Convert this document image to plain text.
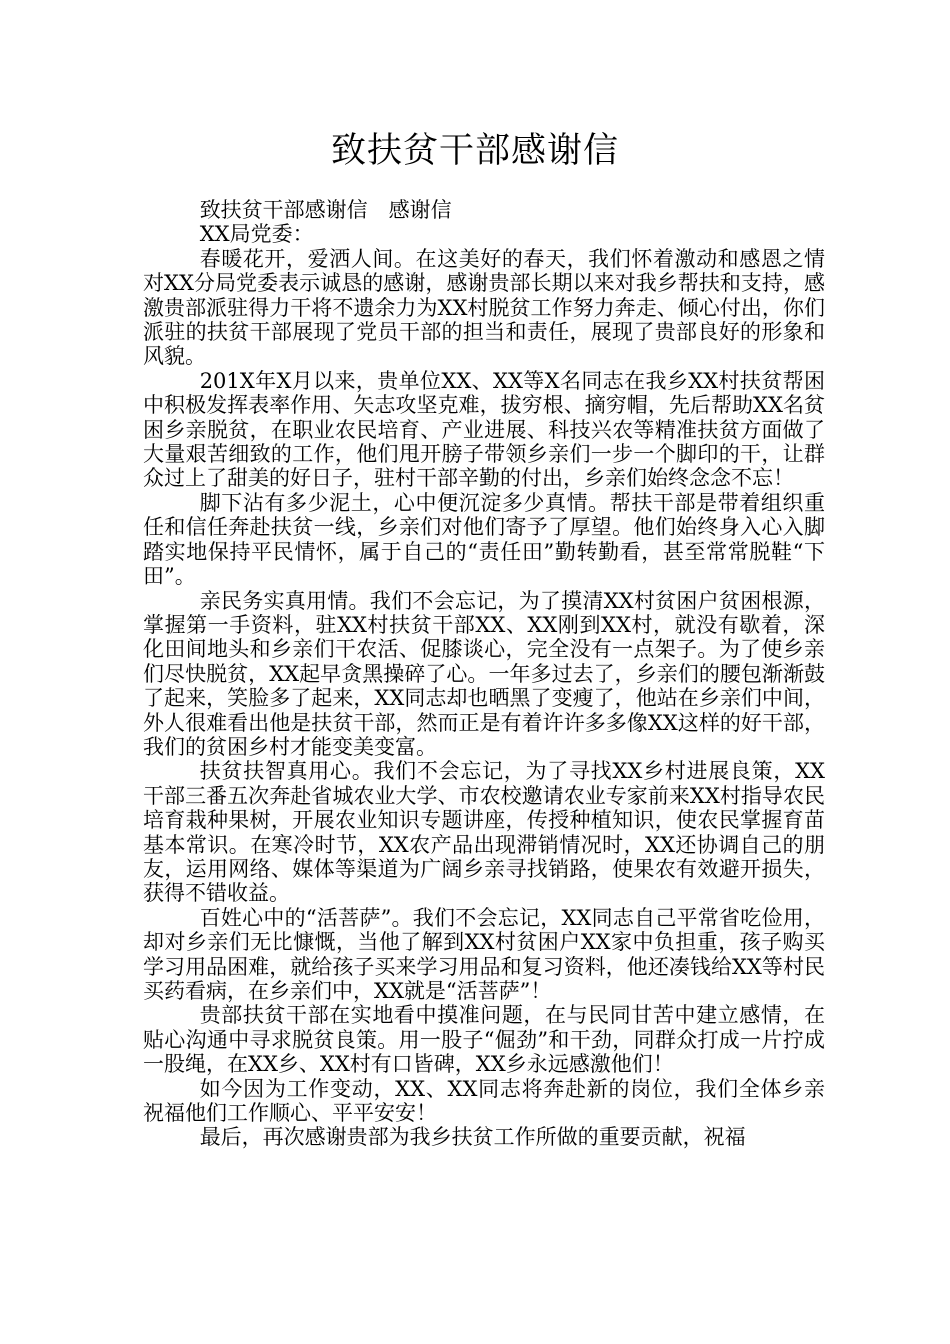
致扶贫干部感谢信

致扶贫干部感谢信　感谢信

XX局党委：

春暖花开，爱洒人间。在这美好的春天，我们怀着激动和感恩之情对XX分局党委表示诚恳的感谢，感谢贵部长期以来对我乡帮扶和支持，感激贵部派驻得力干将不遗余力为XX村脱贫工作努力奔走、倾心付出，你们派驻的扶贫干部展现了党员干部的担当和责任，展现了贵部良好的形象和风貌。

201X年X月以来，贵单位XX、XX等X名同志在我乡XX村扶贫帮困中积极发挥表率作用、矢志攻坚克难，拔穷根、摘穷帽，先后帮助XX名贫困乡亲脱贫，在职业农民培育、产业进展、科技兴农等精准扶贫方面做了大量艰苦细致的工作，他们甩开膀子带领乡亲们一步一个脚印的干，让群众过上了甜美的好日子，驻村干部辛勤的付出，乡亲们始终念念不忘！

脚下沾有多少泥土，心中便沉淀多少真情。帮扶干部是带着组织重任和信任奔赴扶贫一线，乡亲们对他们寄予了厚望。他们始终身入心入脚踏实地保持平民情怀，属于自己的“责任田”勤转勤看，甚至常常脱鞋“下田”。

亲民务实真用情。我们不会忘记，为了摸清XX村贫困户贫困根源，掌握第一手资料，驻XX村扶贫干部XX、XX刚到XX村，就没有歇着，深化田间地头和乡亲们干农活、促膝谈心，完全没有一点架子。为了使乡亲们尽快脱贫，XX起早贪黑操碎了心。一年多过去了，乡亲们的腰包渐渐鼓了起来，笑脸多了起来，XX同志却也晒黑了变瘦了，他站在乡亲们中间，外人很难看出他是扶贫干部，然而正是有着许许多多像XX这样的好干部，我们的贫困乡村才能变美变富。

扶贫扶智真用心。我们不会忘记，为了寻找XX乡村进展良策，XX干部三番五次奔赴省城农业大学、市农校邀请农业专家前来XX村指导农民培育栽种果树，开展农业知识专题讲座，传授种植知识，使农民掌握育苗基本常识。在寒冷时节，XX农产品出现滞销情况时，XX还协调自己的朋友，运用网络、媒体等渠道为广阔乡亲寻找销路，使果农有效避开损失，获得不错收益。

百姓心中的“活菩萨”。我们不会忘记，XX同志自己平常省吃俭用，却对乡亲们无比慷慨，当他了解到XX村贫困户XX家中负担重，孩子购买学习用品困难，就给孩子买来学习用品和复习资料，他还凑钱给XX等村民买药看病，在乡亲们中，XX就是“活菩萨”！

贵部扶贫干部在实地看中摸准问题，在与民同甘苦中建立感情，在贴心沟通中寻求脱贫良策。用一股子“倔劲”和干劲，同群众打成一片拧成一股绳，在XX乡、XX村有口皆碑，XX乡永远感激他们！

如今因为工作变动，XX、XX同志将奔赴新的岗位，我们全体乡亲祝福他们工作顺心、平平安安！

最后，再次感谢贵部为我乡扶贫工作所做的重要贡献，祝福
